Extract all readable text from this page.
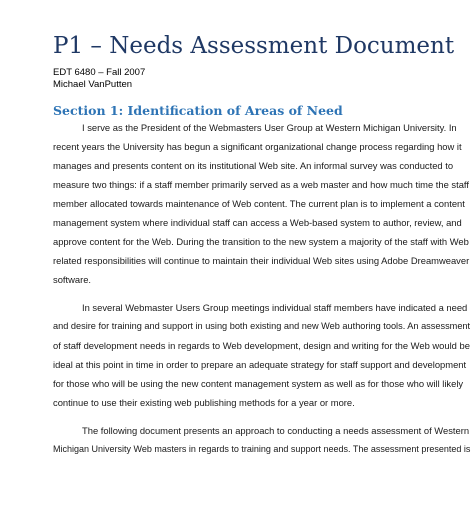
P1 – Needs Assessment Document
EDT 6480 – Fall 2007
Michael VanPutten
Section 1: Identification of Areas of Need
I serve as the President of the Webmasters User Group at Western Michigan University. In
recent years the University has begun a significant organizational change process regarding how it
manages and presents content on its institutional Web site. An informal survey was conducted to
measure two things: if a staff member primarily served as a web master and how much time the staff
member allocated towards maintenance of Web content. The current plan is to implement a content
management system where individual staff can access a Web-based system to author, review, and
approve content for the Web. During the transition to the new system a majority of the staff with Web
related responsibilities will continue to maintain their individual Web sites using Adobe Dreamweaver
software.
In several Webmaster Users Group meetings individual staff members have indicated a need
and desire for training and support in using both existing and new Web authoring tools. An assessment
of staff development needs in regards to Web development, design and writing for the Web would be
ideal at this point in time in order to prepare an adequate strategy for staff support and development
for those who will be using the new content management system as well as for those who will likely
continue to use their existing web publishing methods for a year or more.
The following document presents an approach to conducting a needs assessment of Western
Michigan University Web masters in regards to training and support needs. The assessment presented is
